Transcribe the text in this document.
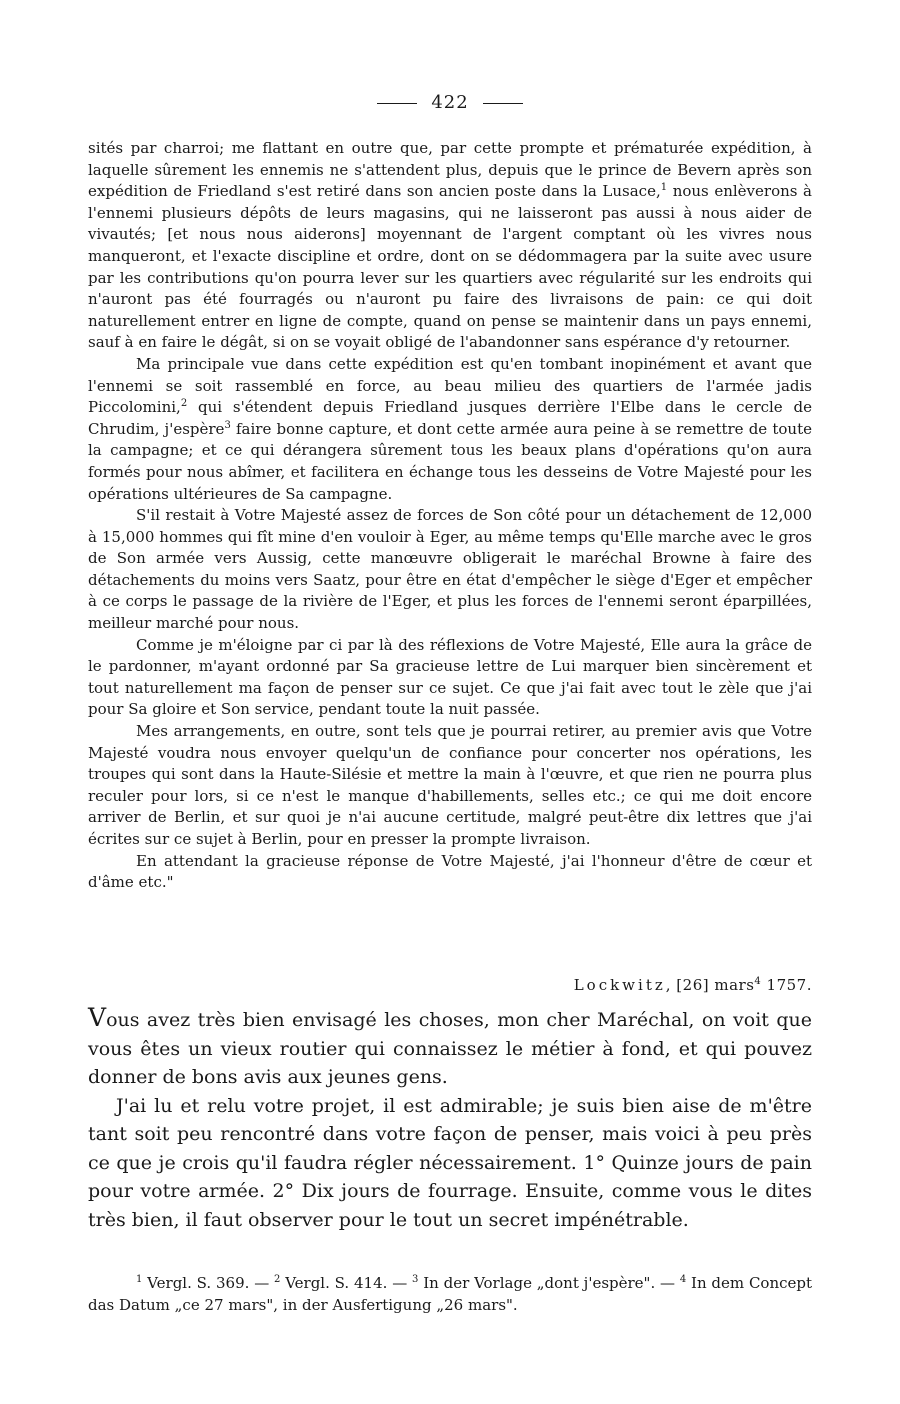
422

sités par charroi; me flattant en outre que, par cette prompte et prématurée expédition, à laquelle sûrement les ennemis ne s'attendent plus, depuis que le prince de Bevern après son expédition de Friedland s'est retiré dans son ancien poste dans la Lusace,$^1$ nous enlèverons à l'ennemi plusieurs dépôts de leurs magasins, qui ne laisseront pas aussi à nous aider de vivautés; [et nous nous aiderons] moyennant de l'argent comptant où les vivres nous manqueront, et l'exacte discipline et ordre, dont on se dédommagera par la suite avec usure par les contributions qu'on pourra lever sur les quartiers avec régularité sur les endroits qui n'auront pas été fourragés ou n'auront pu faire des livraisons de pain: ce qui doit naturellement entrer en ligne de compte, quand on pense se maintenir dans un pays ennemi, sauf à en faire le dégât, si on se voyait obligé de l'abandonner sans espérance d'y retourner.

Ma principale vue dans cette expédition est qu'en tombant inopinément et avant que l'ennemi se soit rassemblé en force, au beau milieu des quartiers de l'armée jadis Piccolomini,$^2$ qui s'étendent depuis Friedland jusques derrière l'Elbe dans le cercle de Chrudim, j'espère$^3$ faire bonne capture, et dont cette armée aura peine à se remettre de toute la campagne; et ce qui dérangera sûrement tous les beaux plans d'opérations qu'on aura formés pour nous abîmer, et facilitera en échange tous les desseins de Votre Majesté pour les opérations ultérieures de Sa campagne.

S'il restait à Votre Majesté assez de forces de Son côté pour un détachement de 12,000 à 15,000 hommes qui fît mine d'en vouloir à Eger, au même temps qu'Elle marche avec le gros de Son armée vers Aussig, cette manœuvre obligerait le maréchal Browne à faire des détachements du moins vers Saatz, pour être en état d'empêcher le siège d'Eger et empêcher à ce corps le passage de la rivière de l'Eger, et plus les forces de l'ennemi seront éparpillées, meilleur marché pour nous.

Comme je m'éloigne par ci par là des réflexions de Votre Majesté, Elle aura la grâce de le pardonner, m'ayant ordonné par Sa gracieuse lettre de Lui marquer bien sincèrement et tout naturellement ma façon de penser sur ce sujet. Ce que j'ai fait avec tout le zèle que j'ai pour Sa gloire et Son service, pendant toute la nuit passée.

Mes arrangements, en outre, sont tels que je pourrai retirer, au premier avis que Votre Majesté voudra nous envoyer quelqu'un de confiance pour concerter nos opérations, les troupes qui sont dans la Haute-Silésie et mettre la main à l'œuvre, et que rien ne pourra plus reculer pour lors, si ce n'est le manque d'habillements, selles etc.; ce qui me doit encore arriver de Berlin, et sur quoi je n'ai aucune certitude, malgré peut-être dix lettres que j'ai écrites sur ce sujet à Berlin, pour en presser la prompte livraison.

En attendant la gracieuse réponse de Votre Majesté, j'ai l'honneur d'être de cœur et d'âme etc."

Lockwitz, [26] mars$^4$ 1757.

Vous avez très bien envisagé les choses, mon cher Maréchal, on voit que vous êtes un vieux routier qui connaissez le métier à fond, et qui pouvez donner de bons avis aux jeunes gens.

J'ai lu et relu votre projet, il est admirable; je suis bien aise de m'être tant soit peu rencontré dans votre façon de penser, mais voici à peu près ce que je crois qu'il faudra régler nécessairement. 1° Quinze jours de pain pour votre armée. 2° Dix jours de fourrage. Ensuite, comme vous le dites très bien, il faut observer pour le tout un secret impénétrable.

$^1$ Vergl. S. 369. — $^2$ Vergl. S. 414. — $^3$ In der Vorlage „dont j'espère". — $^4$ In dem Concept das Datum „ce 27 mars", in der Ausfertigung „26 mars".
